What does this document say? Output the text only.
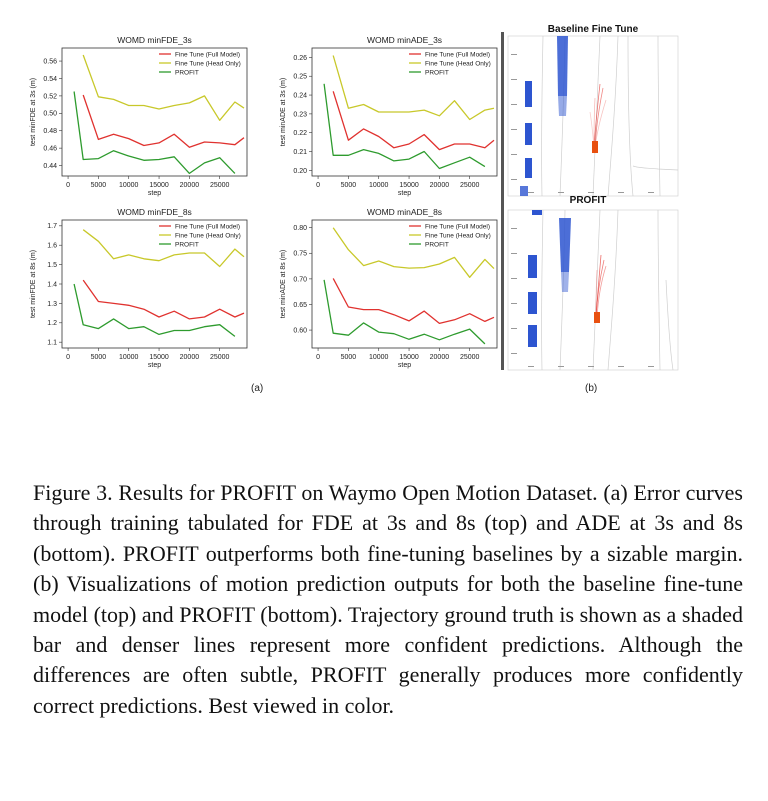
WOMD minFDE_3s
0	5000 10000 15000 20000 25000
0.44
0.46
0.48
0.50
0.52
0.54
0.56
step
test minFDE at 3s (m)
Fine Tune (Full Model)
Fine Tune (Head Only)
PROFIT
WOMD minADE_3s
0	5000 10000 15000 20000 25000
0.20
0.21
0.22
0.23
0.24
0.25
0.26
step
test minADE at 3s (m)
Fine Tune (Full Model)
Fine Tune (Head Only)
PROFIT
WOMD minFDE_8s
0	5000 10000 15000 20000 25000
1.1
1.2
1.3
1.4
1.5
1.6
1.7
step
test minFDE at 8s (m)
Fine Tune (Full Model)
Fine Tune (Head Only)
PROFIT
WOMD minADE_8s
0	5000 10000 15000 20000 25000
0.60
0.65
0.70
0.75
0.80
step
test minADE at 8s (m)
Fine Tune (Full Model)
Fine Tune (Head Only)
PROFIT
(a)
Baseline Fine Tune
PROFIT
(b)
Figure 3. Results for PROFIT on Waymo Open Motion Dataset. (a) Error curves through training tabulated for FDE at 3s and 8s (top) and ADE at 3s and 8s (bottom). PROFIT outperforms both fine-tuning baselines by a sizable margin. (b) Visualizations of motion prediction outputs for both the baseline fine-tune model (top) and PROFIT (bottom). Trajectory ground truth is shown as a shaded bar and denser lines represent more confident predictions. Although the differences are often subtle, PROFIT generally produces more confidently correct predictions. Best viewed in color.
